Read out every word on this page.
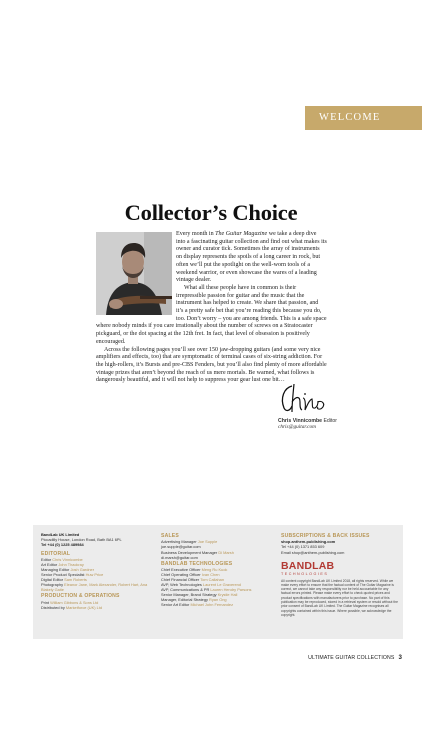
WELCOME
Collector’s Choice

Every month in The Guitar Magazine we take a deep dive into a fascinating guitar collection and find out what makes its owner and curator tick. Sometimes the array of instruments on display represents the spoils of a long career in rock, but often we’ll put the spotlight on the well-worn tools of a weekend warrior, or even showcase the wares of a leading vintage dealer.

What all these people have in common is their irrepressible passion for guitar and the music that the instrument has helped to create. We share that passion, and it’s a pretty safe bet that you’re reading this because you do, too. Don’t worry – you are among friends. This is a safe space where nobody minds if you care irrationally about the number of screws on a Stratocaster pickguard, or the dot spacing at the 12th fret. In fact, that level of obsession is positively encouraged.

Across the following pages you’ll see over 150 jaw-dropping guitars (and some very nice amplifiers and effects, too) that are symptomatic of terminal cases of six-string addiction. For the high-rollers, it’s Bursts and pre-CBS Fenders, but you’ll also find plenty of more affordable vintage prizes that aren’t beyond the reach of us mere mortals. Be warned, what follows is dangerously beautiful, and it will not help to suppress your gear lust one bit…

Chris Vinnicombe Editor
chris@guitar.com
BandLab UK Limited
Piccadilly House, London Road, Bath BA1 6PL
Tel +44 (0) 1225 489984
EDITORIAL
Editor Chris Vinnicombe
Art Editor John Thackray
Managing Editor Josh Gardner
Senior Product Specialist Huw Price
Digital Editor Sam Roberts
Photography Eleanor Jane, Mark Alexander, Robert Hart, Ana Blakely Gaite
PRODUCTION & OPERATIONS
Print William Gibbons & Sons Ltd
Distributed by Marketforce (UK) Ltd
SALES
Advertising Manager Joe Supple
joe.supple@guitar.com
Business Development Manager Di Marsh
di.marsh@guitar.com
BANDLAB TECHNOLOGIES
Chief Executive Officer Meng Ru Kuok
Chief Operating Officer Ivan Chen
Chief Financial Officer Tom Callahan
AVP, Web Technologies Laurent Le Graverend
AVP, Communications & PR Lauren Hendry Parsons
Senior Manager, Brand Strategy Krystle Hall
Manager, Editorial Strategy Ryan Ong
Senior Art Editor Michael John Fernandez
SUBSCRIPTIONS & BACK ISSUES
shop.anthem-publishing.com
Tel +44 (0) 1371 853 609
Email shop@anthem-publishing.com
BANDLAB
TECHNOLOGIES
All content copyright BandLab UK Limited 2018, all rights reserved. While we make every effort to ensure that the factual content of The Guitar Magazine is correct, we cannot take any responsibility nor be held accountable for any factual errors printed. Please make every effort to check quoted prices and product specifications with manufacturers prior to purchase. No part of this publication may be reproduced, stored in a retrieval system or resold without the prior consent of BandLab UK Limited. The Guitar Magazine recognises all copyrights contained within this issue. Where possible, we acknowledge the copyright.
ULTIMATE GUITAR COLLECTIONS 3
